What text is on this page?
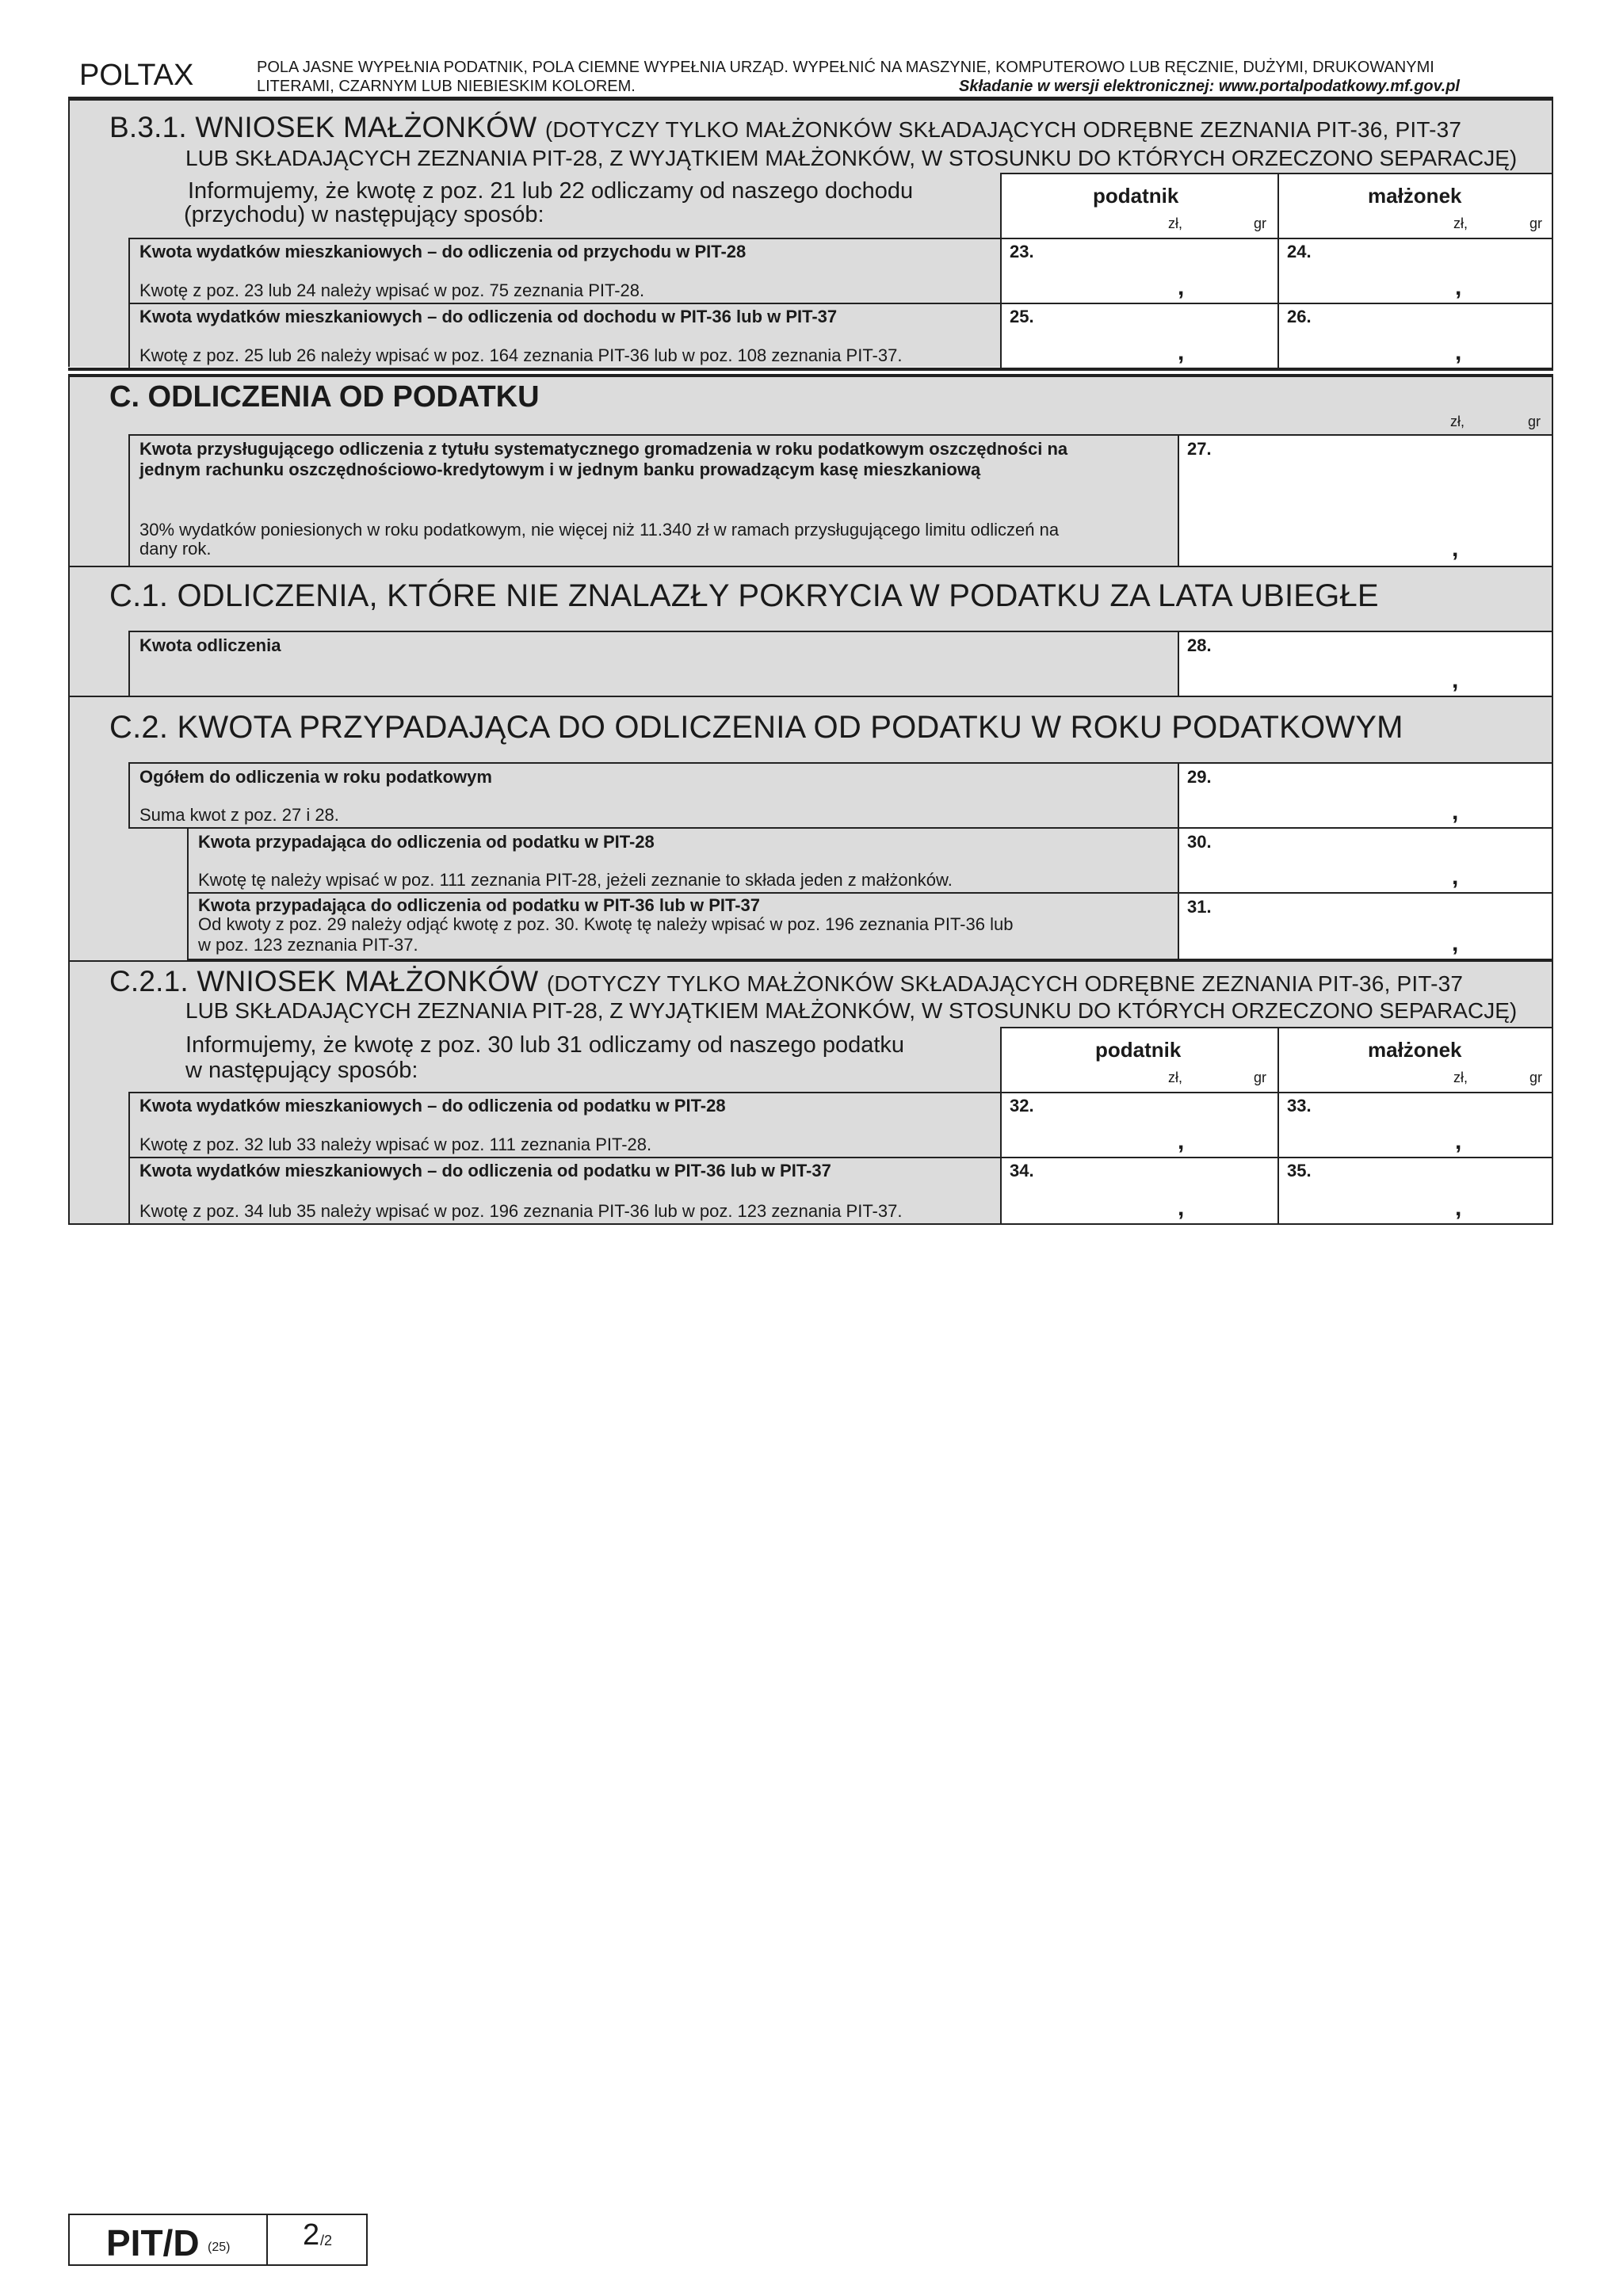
POLTAX	POLA JASNE WYPEŁNIA PODATNIK, POLA CIEMNE WYPEŁNIA URZĄD. WYPEŁNIĆ NA MASZYNIE, KOMPUTEROWO LUB RĘCZNIE, DUŻYMI, DRUKOWANYMI
LITERAMI, CZARNYM LUB NIEBIESKIM KOLOREM.	Składanie w wersji elektronicznej: www.portalpodatkowy.mf.gov.pl
B.3.1. WNIOSEK MAŁŻONKÓW (DOTYCZY TYLKO MAŁŻONKÓW SKŁADAJĄCYCH ODRĘBNE ZEZNANIA PIT-36, PIT-37
LUB SKŁADAJĄCYCH ZEZNANIA PIT-28, Z WYJĄTKIEM MAŁŻONKÓW, W STOSUNKU DO KTÓRYCH ORZECZONO SEPARACJĘ)
Informujemy, że kwotę z poz. 21 lub 22 odliczamy od naszego dochodu
(przychodu) w następujący sposób:
podatnik
zł,	gr
małżonek
zł,	gr
Kwota wydatków mieszkaniowych – do odliczenia od przychodu w PIT-28
Kwotę z poz. 23 lub 24 należy wpisać w poz. 75 zeznania PIT-28.
23.
,
24.
,
Kwota wydatków mieszkaniowych – do odliczenia od dochodu w PIT-36 lub w PIT-37
Kwotę z poz. 25 lub 26 należy wpisać w poz. 164 zeznania PIT-36 lub w poz. 108 zeznania PIT-37.
25.
,
26.
,
C. ODLICZENIA OD PODATKU
zł,	gr
Kwota przysługującego odliczenia z tytułu systematycznego gromadzenia w roku podatkowym oszczędności na
jednym rachunku oszczędnościowo-kredytowym i w jednym banku prowadzącym kasę mieszkaniową
30% wydatków poniesionych w roku podatkowym, nie więcej niż 11.340 zł w ramach przysługującego limitu odliczeń na
dany rok.
27.
,
C.1. ODLICZENIA, KTÓRE NIE ZNALAZŁY POKRYCIA W PODATKU ZA LATA UBIEGŁE
Kwota odliczenia	28.
,
C.2. KWOTA PRZYPADAJĄCA DO ODLICZENIA OD PODATKU W ROKU PODATKOWYM
Ogółem do odliczenia w roku podatkowym
Suma kwot z poz. 27 i 28.
29.
,
Kwota przypadająca do odliczenia od podatku w PIT-28
Kwotę tę należy wpisać w poz. 111 zeznania PIT-28, jeżeli zeznanie to składa jeden z małżonków.
30.
,
Kwota przypadająca do odliczenia od podatku w PIT-36 lub w PIT-37
Od kwoty z poz. 29 należy odjąć kwotę z poz. 30. Kwotę tę należy wpisać w poz. 196 zeznania PIT-36 lub
w poz. 123 zeznania PIT-37.
31.
,
C.2.1. WNIOSEK MAŁŻONKÓW (DOTYCZY TYLKO MAŁŻONKÓW SKŁADAJĄCYCH ODRĘBNE ZEZNANIA PIT-36, PIT-37
LUB SKŁADAJĄCYCH ZEZNANIA PIT-28, Z WYJĄTKIEM MAŁŻONKÓW, W STOSUNKU DO KTÓRYCH ORZECZONO SEPARACJĘ)
Informujemy, że kwotę z poz. 30 lub 31 odliczamy od naszego podatku
w następujący sposób:
podatnik
zł,	gr
małżonek
zł,	gr
Kwota wydatków mieszkaniowych – do odliczenia od podatku w PIT-28
Kwotę z poz. 32 lub 33 należy wpisać w poz. 111 zeznania PIT-28.
32.
,
33.
,
Kwota wydatków mieszkaniowych – do odliczenia od podatku w PIT-36 lub w PIT-37
Kwotę z poz. 34 lub 35 należy wpisać w poz. 196 zeznania PIT-36 lub w poz. 123 zeznania PIT-37.
34.
,
35.
,
PIT/D (25) 2 /2
